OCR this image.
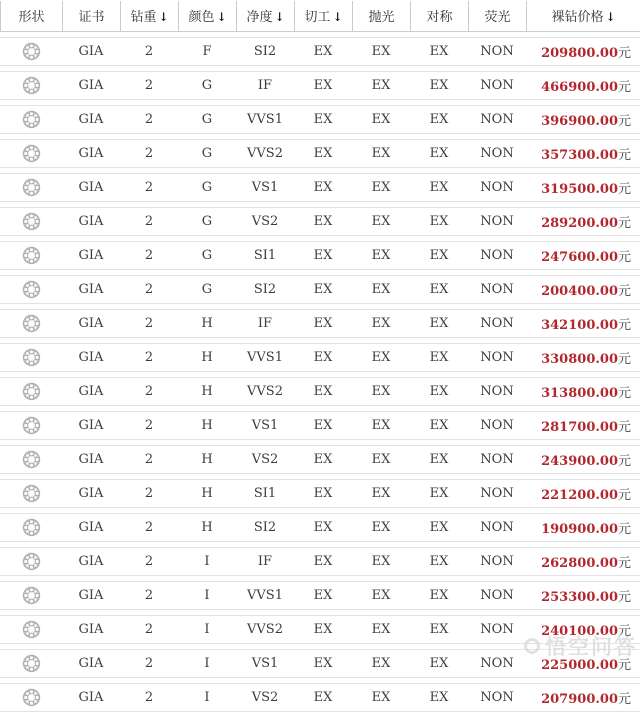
形状	证书	钻重 ↓	颜色 ↓	净度 ↓	切工 ↓	抛光	对称	荧光	裸钻价格 ↓
	GIA	2	F	SI2	EX	EX	EX	NON	209800.00元
	GIA	2	G	IF	EX	EX	EX	NON	466900.00元
	GIA	2	G	VVS1	EX	EX	EX	NON	396900.00元
	GIA	2	G	VVS2	EX	EX	EX	NON	357300.00元
	GIA	2	G	VS1	EX	EX	EX	NON	319500.00元
	GIA	2	G	VS2	EX	EX	EX	NON	289200.00元
	GIA	2	G	SI1	EX	EX	EX	NON	247600.00元
	GIA	2	G	SI2	EX	EX	EX	NON	200400.00元
	GIA	2	H	IF	EX	EX	EX	NON	342100.00元
	GIA	2	H	VVS1	EX	EX	EX	NON	330800.00元
	GIA	2	H	VVS2	EX	EX	EX	NON	313800.00元
	GIA	2	H	VS1	EX	EX	EX	NON	281700.00元
	GIA	2	H	VS2	EX	EX	EX	NON	243900.00元
	GIA	2	H	SI1	EX	EX	EX	NON	221200.00元
	GIA	2	H	SI2	EX	EX	EX	NON	190900.00元
	GIA	2	I	IF	EX	EX	EX	NON	262800.00元
	GIA	2	I	VVS1	EX	EX	EX	NON	253300.00元
	GIA	2	I	VVS2	EX	EX	EX	NON	240100.00元
	GIA	2	I	VS1	EX	EX	EX	NON	225000.00元
	GIA	2	I	VS2	EX	EX	EX	NON	207900.00元
悟空问答
